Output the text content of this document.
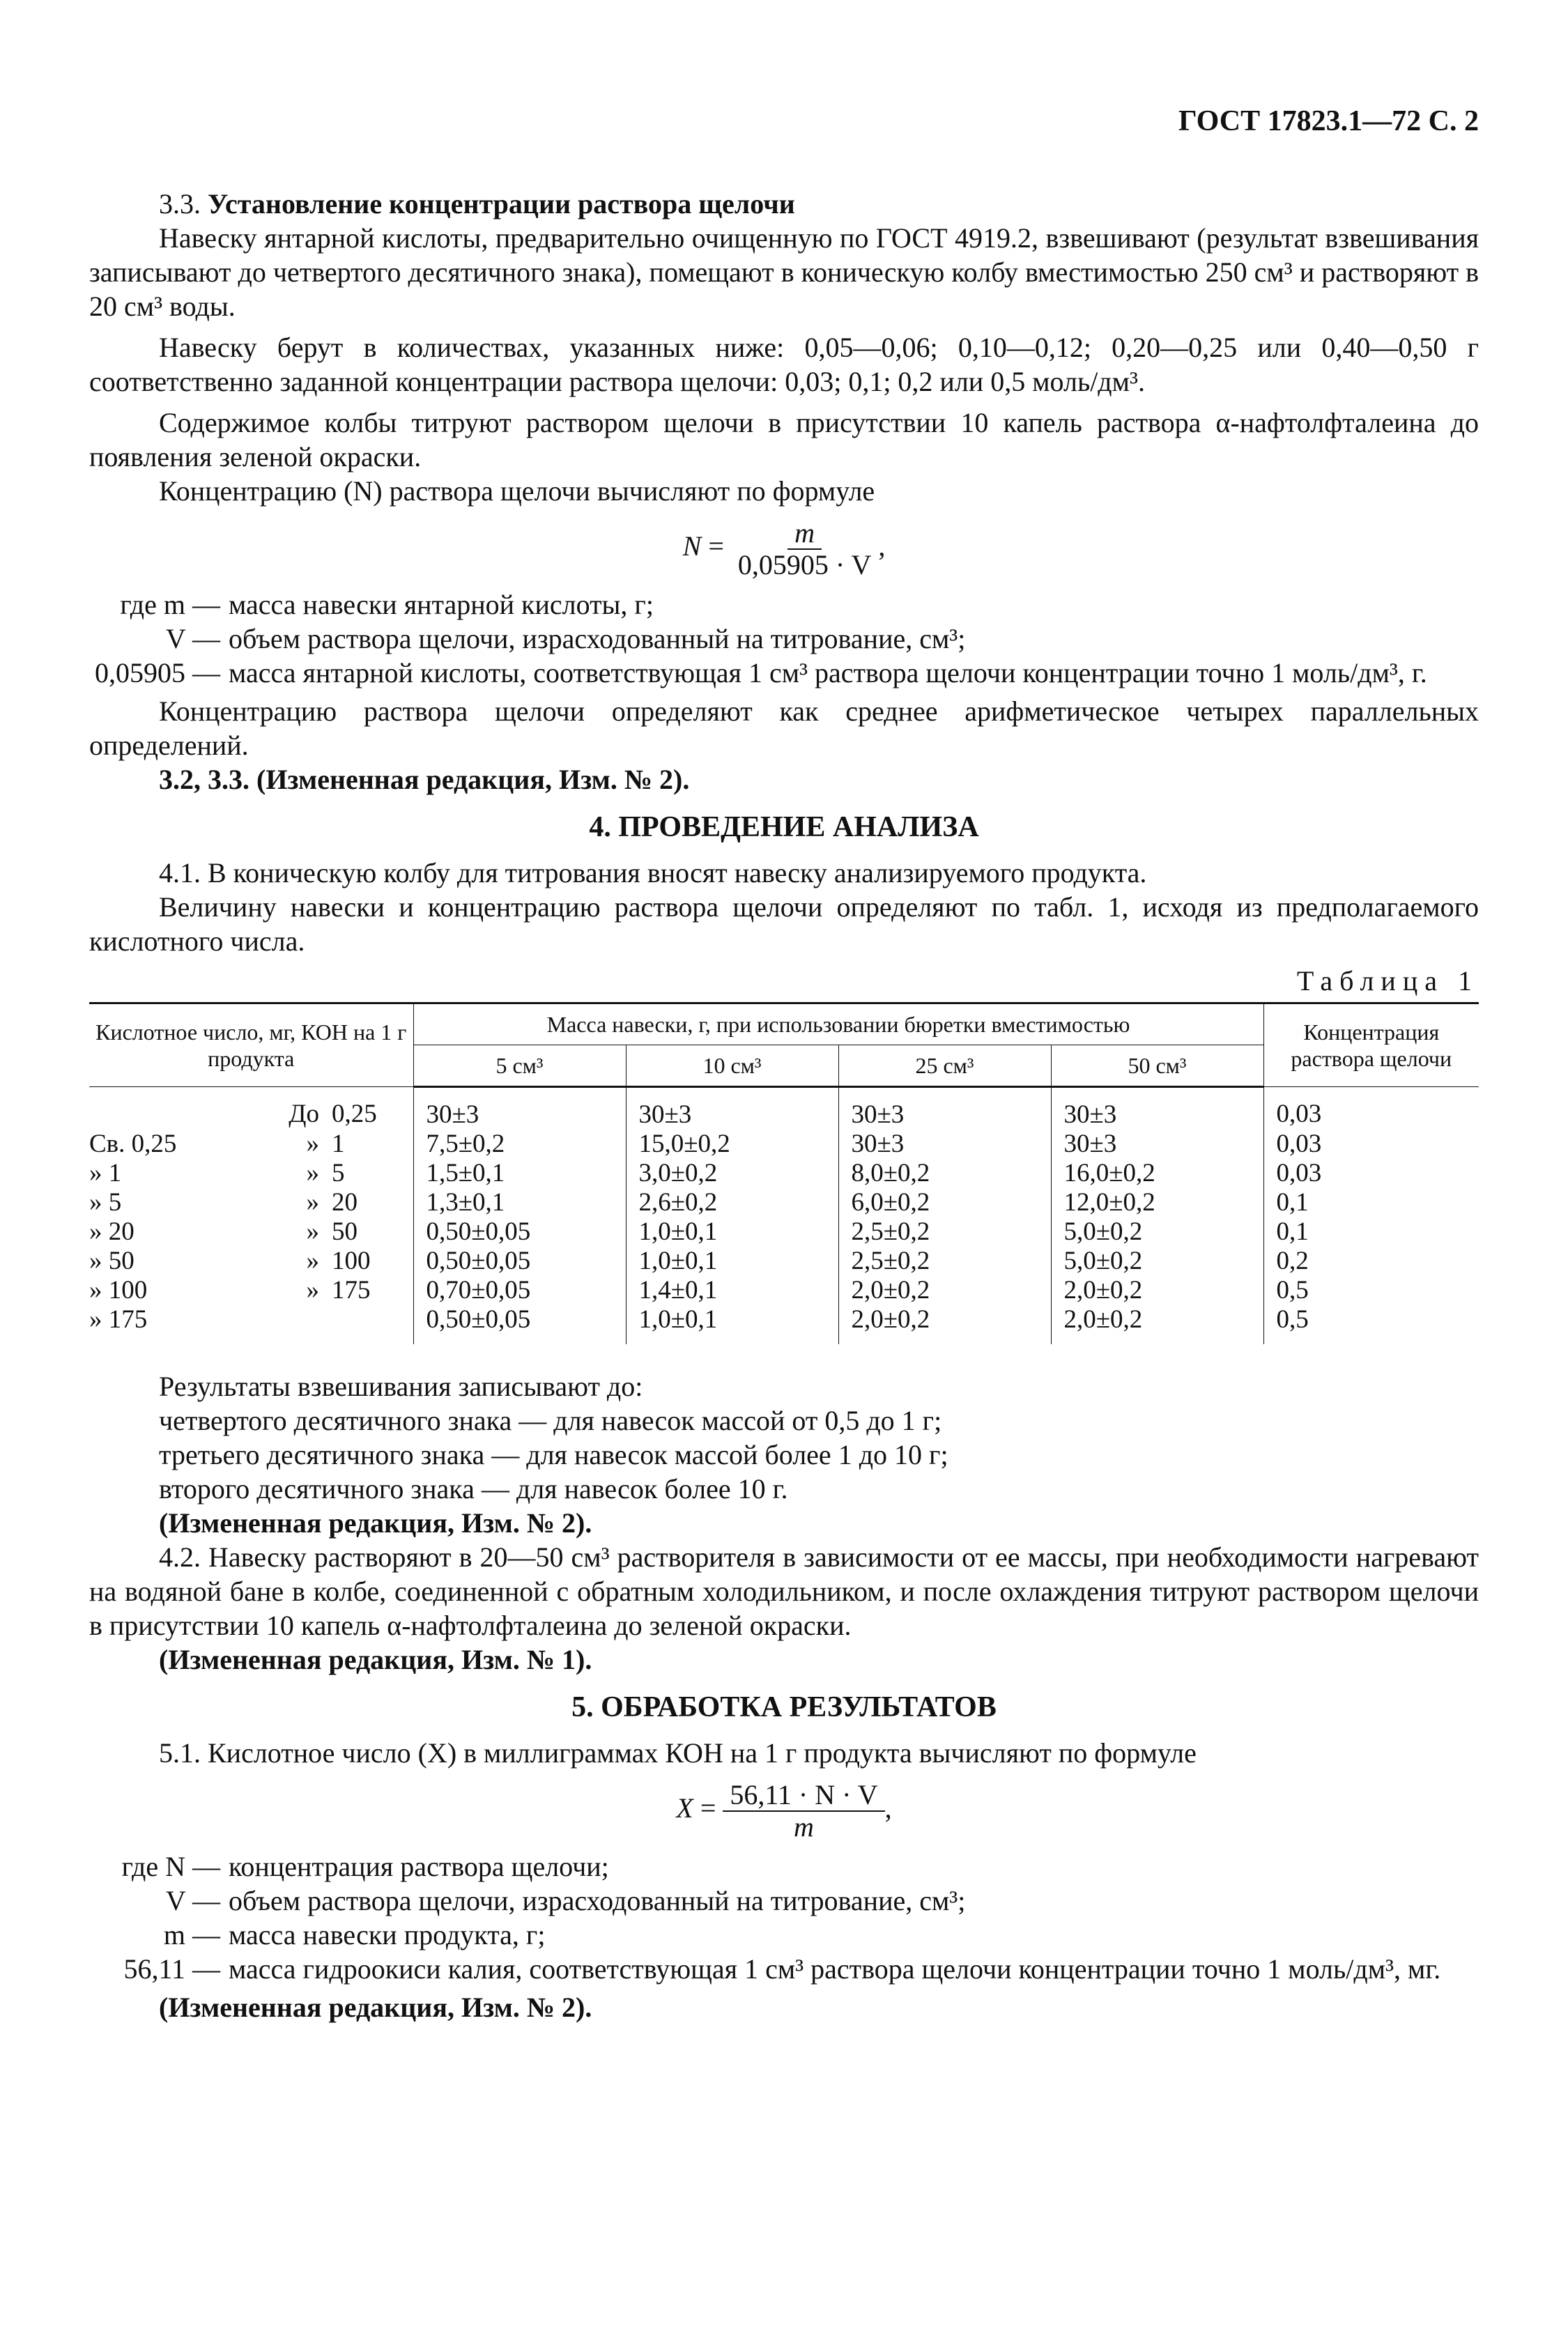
ГОСТ 17823.1—72 С. 2

3.3. Установление концентрации раствора щелочи

Навеску янтарной кислоты, предварительно очищенную по ГОСТ 4919.2, взвешивают (результат взвешивания записывают до четвертого десятичного знака), помещают в коническую колбу вместимостью 250 см³ и растворяют в 20 см³ воды.

Навеску берут в количествах, указанных ниже: 0,05—0,06; 0,10—0,12; 0,20—0,25 или 0,40—0,50 г соответственно заданной концентрации раствора щелочи: 0,03; 0,1; 0,2 или 0,5 моль/дм³.

Содержимое колбы титруют раствором щелочи в присутствии 10 капель раствора α-нафтолфталеина до появления зеленой окраски.

Концентрацию (N) раствора щелочи вычисляют по формуле

$N = \frac{m}{0,05905 \cdot V}$ ,
где m — масса навески янтарной кислоты, г;
V — объем раствора щелочи, израсходованный на титрование, см³;
0,05905 — масса янтарной кислоты, соответствующая 1 см³ раствора щелочи концентрации точно 1 моль/дм³, г.

Концентрацию раствора щелочи определяют как среднее арифметическое четырех параллельных определений.

3.2, 3.3. (Измененная редакция, Изм. № 2).

4. ПРОВЕДЕНИЕ АНАЛИЗА

4.1. В коническую колбу для титрования вносят навеску анализируемого продукта.

Величину навески и концентрацию раствора щелочи определяют по табл. 1, исходя из предполагаемого кислотного числа.

Таблица 1
Кислотное число, мг, КОН на 1 г продукта	Масса навески, г, при использовании бюретки вместимостью				Концентрация раствора щелочи
	5 см³	10 см³	25 см³	50 см³	

До 0,25	30±3	30±3	30±3	30±3	0,03

Св. 0,25 » 1	7,5±0,2	15,0±0,2	30±3	30±3	0,03

» 1 » 5	1,5±0,1	3,0±0,2	8,0±0,2	16,0±0,2	0,03

» 5 » 20	1,3±0,1	2,6±0,2	6,0±0,2	12,0±0,2	0,1

» 20 » 50	0,50±0,05	1,0±0,1	2,5±0,2	5,0±0,2	0,1

» 50 » 100	0,50±0,05	1,0±0,1	2,5±0,2	5,0±0,2	0,2

» 100 » 175	0,70±0,05	1,4±0,1	2,0±0,2	2,0±0,2	0,5

» 175	0,50±0,05	1,0±0,1	2,0±0,2	2,0±0,2	0,5

Результаты взвешивания записывают до:

четвертого десятичного знака — для навесок массой от 0,5 до 1 г;

третьего десятичного знака — для навесок массой более 1 до 10 г;

второго десятичного знака — для навесок более 10 г.

(Измененная редакция, Изм. № 2).

4.2. Навеску растворяют в 20—50 см³ растворителя в зависимости от ее массы, при необходимости нагревают на водяной бане в колбе, соединенной с обратным холодильником, и после охлаждения титруют раствором щелочи в присутствии 10 капель α-нафтолфталеина до зеленой окраски.

(Измененная редакция, Изм. № 1).

5. ОБРАБОТКА РЕЗУЛЬТАТОВ

5.1. Кислотное число (X) в миллиграммах КОН на 1 г продукта вычисляют по формуле

$X = \frac{56,11 \cdot N \cdot V}{m}$ ,
где N — концентрация раствора щелочи;
V — объем раствора щелочи, израсходованный на титрование, см³;
m — масса навески продукта, г;
56,11 — масса гидроокиси калия, соответствующая 1 см³ раствора щелочи концентрации точно 1 моль/дм³, мг.

(Измененная редакция, Изм. № 2).
